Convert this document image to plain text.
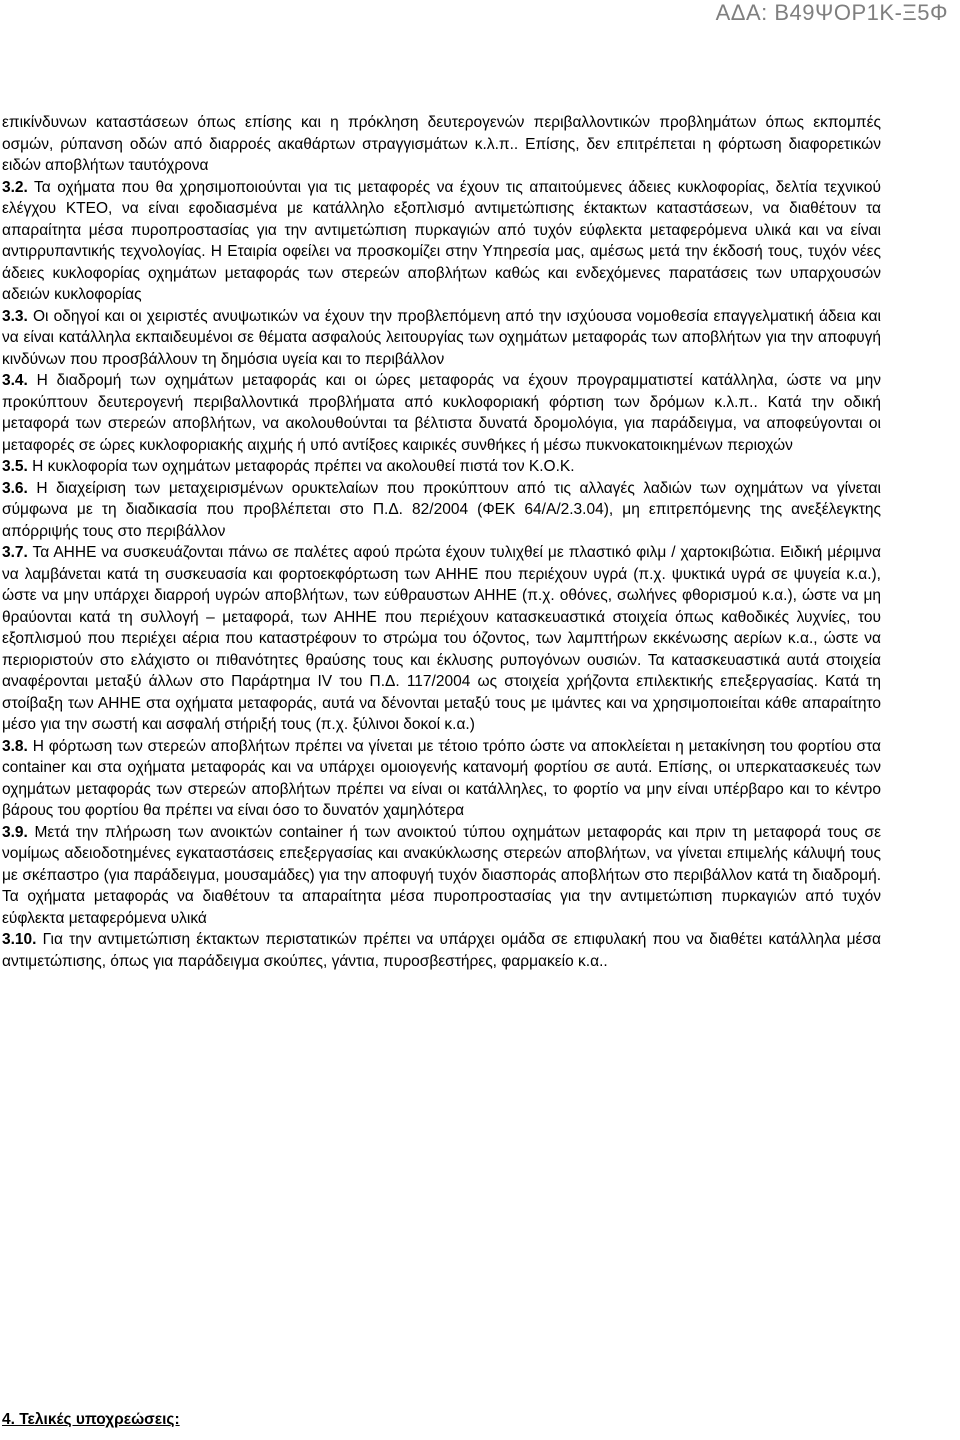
ΑΔΑ: Β49ΨΟΡ1Κ-Ξ5Φ

επικίνδυνων καταστάσεων όπως επίσης και η πρόκληση δευτερογενών περιβαλλοντικών προβλημάτων όπως εκπομπές οσμών, ρύπανση οδών από διαρροές ακαθάρτων στραγγισμάτων κ.λ.π.. Επίσης, δεν επιτρέπεται η φόρτωση διαφορετικών ειδών αποβλήτων ταυτόχρονα

3.2. Τα οχήματα που θα χρησιμοποιούνται για τις μεταφορές να έχουν τις απαιτούμενες άδειες κυκλοφορίας, δελτία τεχνικού ελέγχου ΚΤΕΟ, να είναι εφοδιασμένα με κατάλληλο εξοπλισμό αντιμετώπισης έκτακτων καταστάσεων, να διαθέτουν τα απαραίτητα μέσα πυροπροστασίας για την αντιμετώπιση πυρκαγιών από τυχόν εύφλεκτα μεταφερόμενα υλικά και να είναι αντιρρυπαντικής τεχνολογίας. Η Εταιρία οφείλει να προσκομίζει στην Υπηρεσία μας, αμέσως μετά την έκδοσή τους, τυχόν νέες άδειες κυκλοφορίας οχημάτων μεταφοράς των στερεών αποβλήτων καθώς και ενδεχόμενες παρατάσεις των υπαρχουσών αδειών κυκλοφορίας

3.3. Οι οδηγοί και οι χειριστές ανυψωτικών να έχουν την προβλεπόμενη από την ισχύουσα νομοθεσία επαγγελματική άδεια και να είναι κατάλληλα εκπαιδευμένοι σε θέματα ασφαλούς λειτουργίας των οχημάτων μεταφοράς των αποβλήτων για την αποφυγή κινδύνων που προσβάλλουν τη δημόσια υγεία και το περιβάλλον

3.4. Η διαδρομή των οχημάτων μεταφοράς και οι ώρες μεταφοράς να έχουν προγραμματιστεί κατάλληλα, ώστε να μην προκύπτουν δευτερογενή περιβαλλοντικά προβλήματα από κυκλοφοριακή φόρτιση των δρόμων κ.λ.π.. Κατά την οδική μεταφορά των στερεών αποβλήτων, να ακολουθούνται τα βέλτιστα δυνατά δρομολόγια, για παράδειγμα, να αποφεύγονται οι μεταφορές σε ώρες κυκλοφοριακής αιχμής ή υπό αντίξοες καιρικές συνθήκες ή μέσω πυκνοκατοικημένων περιοχών

3.5. Η κυκλοφορία των οχημάτων μεταφοράς πρέπει να ακολουθεί πιστά τον Κ.Ο.Κ.

3.6. Η διαχείριση των μεταχειρισμένων ορυκτελαίων που προκύπτουν από τις αλλαγές λαδιών των οχημάτων να γίνεται σύμφωνα με τη διαδικασία που προβλέπεται στο Π.Δ. 82/2004 (ΦΕΚ 64/Α/2.3.04), μη επιτρεπόμενης της ανεξέλεγκτης απόρριψής τους στο περιβάλλον

3.7. Τα ΑΗΗΕ να συσκευάζονται πάνω σε παλέτες αφού πρώτα έχουν τυλιχθεί με πλαστικό φιλμ / χαρτοκιβώτια. Ειδική μέριμνα να λαμβάνεται κατά τη συσκευασία και φορτοεκφόρτωση των ΑΗΗΕ που περιέχουν υγρά (π.χ. ψυκτικά υγρά σε ψυγεία κ.α.), ώστε να μην υπάρχει διαρροή υγρών αποβλήτων, των εύθραυστων ΑΗΗΕ (π.χ. οθόνες, σωλήνες φθορισμού κ.α.), ώστε να μη θραύονται κατά τη συλλογή – μεταφορά, των ΑΗΗΕ που περιέχουν κατασκευαστικά στοιχεία όπως καθοδικές λυχνίες, του εξοπλισμού που περιέχει αέρια που καταστρέφουν το στρώμα του όζοντος, των λαμπτήρων εκκένωσης αερίων κ.α., ώστε να περιοριστούν στο ελάχιστο οι πιθανότητες θραύσης τους και έκλυσης ρυπογόνων ουσιών. Τα κατασκευαστικά αυτά στοιχεία αναφέρονται μεταξύ άλλων στο Παράρτημα IV του Π.Δ. 117/2004 ως στοιχεία χρήζοντα επιλεκτικής επεξεργασίας. Κατά τη στοίβαξη των ΑΗΗΕ στα οχήματα μεταφοράς, αυτά να δένονται μεταξύ τους με ιμάντες και να χρησιμοποιείται κάθε απαραίτητο μέσο για την σωστή και ασφαλή στήριξή τους (π.χ. ξύλινοι δοκοί κ.α.)

3.8. Η φόρτωση των στερεών αποβλήτων πρέπει να γίνεται με τέτοιο τρόπο ώστε να αποκλείεται η μετακίνηση του φορτίου στα container και στα οχήματα μεταφοράς και να υπάρχει ομοιογενής κατανομή φορτίου σε αυτά. Επίσης, οι υπερκατασκευές των οχημάτων μεταφοράς των στερεών αποβλήτων πρέπει να είναι οι κατάλληλες, το φορτίο να μην είναι υπέρβαρο και το κέντρο βάρους του φορτίου θα πρέπει να είναι όσο το δυνατόν χαμηλότερα

3.9. Μετά την πλήρωση των ανοικτών container ή των ανοικτού τύπου οχημάτων μεταφοράς και πριν τη μεταφορά τους σε νομίμως αδειοδοτημένες εγκαταστάσεις επεξεργασίας και ανακύκλωσης στερεών αποβλήτων, να γίνεται επιμελής κάλυψή τους με σκέπαστρο (για παράδειγμα, μουσαμάδες) για την αποφυγή τυχόν διασποράς αποβλήτων στο περιβάλλον κατά τη διαδρομή. Τα οχήματα μεταφοράς να διαθέτουν τα απαραίτητα μέσα πυροπροστασίας για την αντιμετώπιση πυρκαγιών από τυχόν εύφλεκτα μεταφερόμενα υλικά

3.10. Για την αντιμετώπιση έκτακτων περιστατικών πρέπει να υπάρχει ομάδα σε επιφυλακή που να διαθέτει κατάλληλα μέσα αντιμετώπισης, όπως για παράδειγμα σκούπες, γάντια, πυροσβεστήρες, φαρμακείο κ.α..

4. Τελικές υποχρεώσεις:
